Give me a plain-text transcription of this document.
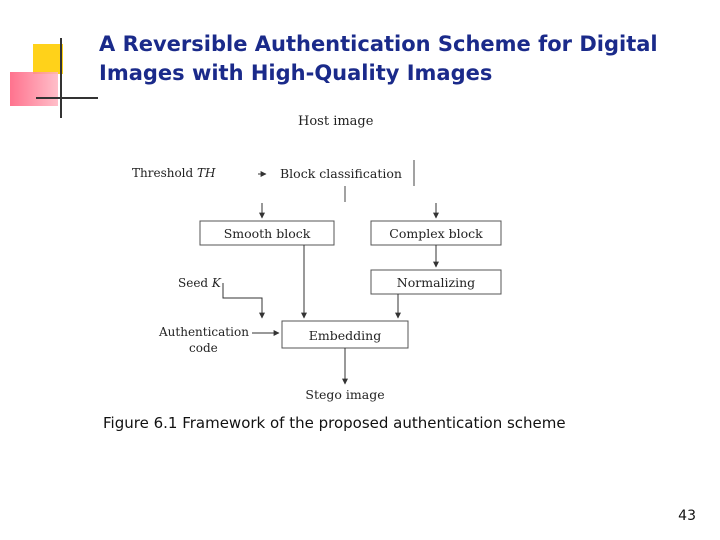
A Reversible Authentication Scheme for Digital
Images with High-Quality Images
Host image
Threshold TH	Block classification
Smooth block	Complex block
Normalizing
Seed K
Authentication
code
Embedding
Stego image
Figure 6.1 Framework of the proposed authentication scheme
43
